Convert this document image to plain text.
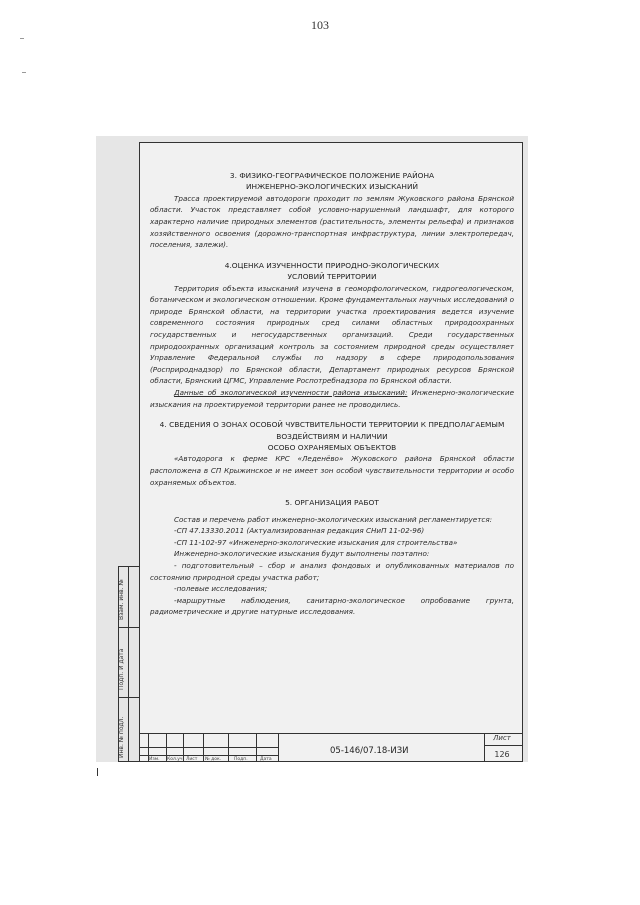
103
Взам. инв. №
Подп. И дата
Инв. № подл.
3. ФИЗИКО-ГЕОГРАФИЧЕСКОЕ ПОЛОЖЕНИЕ РАЙОНА
ИНЖЕНЕРНО-ЭКОЛОГИЧЕСКИХ ИЗЫСКАНИЙ

Трасса проектируемой автодороги проходит по землям Жуковского района Брянской области. Участок представляет собой условно-нарушенный ландшафт, для которого характерно наличие природных элементов (растительность, элементы рельефа) и признаков хозяйственного освоения (дорожно-транспортная инфраструктура, линии электропередач, поселения, залежи).

4.ОЦЕНКА ИЗУЧЕННОСТИ ПРИРОДНО-ЭКОЛОГИЧЕСКИХ
УСЛОВИЙ ТЕРРИТОРИИ

Территория объекта изысканий изучена в геоморфологическом, гидрогеологическом, ботаническом и экологическом отношении. Кроме фундаментальных научных исследований о природе Брянской области, на территории участка проектирования ведется изучение современного состояния природных сред силами областных природоохранных государственных и негосударственных организаций. Среди государственных природоохранных организаций контроль за состоянием природной среды осуществляет Управление Федеральной службы по надзору в сфере природопользования (Росприроднадзор) по Брянской области, Департамент природных ресурсов Брянской области, Брянский ЦГМС, Управление Роспотребнадзора по Брянской области.

Данные об экологической изученности района изысканий: Инженерно-экологические изыскания на проектируемой территории ранее не проводились.

4. СВЕДЕНИЯ О ЗОНАХ ОСОБОЙ ЧУВСТВИТЕЛЬНОСТИ ТЕРРИТОРИИ К ПРЕДПОЛАГАЕМЫМ
ВОЗДЕЙСТВИЯМ И НАЛИЧИИ
ОСОБО ОХРАНЯЕМЫХ ОБЪЕКТОВ

«Автодорога к ферме КРС «Леденёво» Жуковского района Брянской области расположена в СП Крыжинское и не имеет зон особой чувствительности территории и особо охраняемых объектов.

5. ОРГАНИЗАЦИЯ РАБОТ

Состав и перечень работ инженерно-экологических изысканий регламентируется:

-СП 47.13330.2011 (Актуализированная редакция СНиП 11-02-96)

-СП 11-102-97 «Инженерно-экологические изыскания для строительства»

Инженерно-экологические изыскания будут выполнены поэтапно:

- подготовительный – сбор и анализ фондовых и опубликованных материалов по состоянию природной среды участка работ;

-полевые исследования;

-маршрутные наблюдения, санитарно-экологическое опробование грунта, радиометрические и другие натурные исследования.

Изм. Кол.уч Лист № док.	Подп.	Дата
05-146/07.18-ИЗИ
Лист
126
